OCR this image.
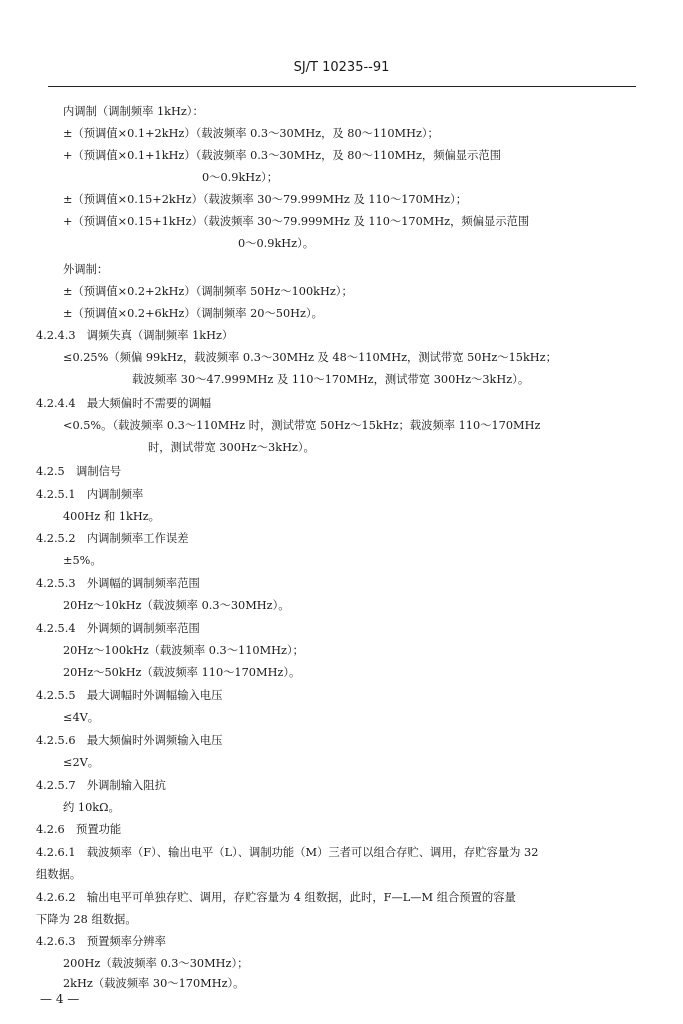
SJ/T 10235--91
内调制（调制频率 1kHz）：
±（预调值×0.1+2kHz）（载波频率 0.3～30MHz，及 80～110MHz）；
+（预调值×0.1+1kHz）（载波频率 0.3～30MHz，及 80～110MHz，频偏显示范围
0～0.9kHz）；
±（预调值×0.15+2kHz）（载波频率 30～79.999MHz 及 110～170MHz）；
+（预调值×0.15+1kHz）（载波频率 30～79.999MHz 及 110～170MHz，频偏显示范围
0～0.9kHz）。
外调制：
±（预调值×0.2+2kHz）（调制频率 50Hz～100kHz）；
±（预调值×0.2+6kHz）（调制频率 20～50Hz）。
4.2.4.3　调频失真（调制频率 1kHz）
≤0.25%（频偏 99kHz，载波频率 0.3～30MHz 及 48～110MHz，测试带宽 50Hz～15kHz；
载波频率 30～47.999MHz 及 110～170MHz，测试带宽 300Hz～3kHz）。
4.2.4.4　最大频偏时不需要的调幅
<0.5%。（载波频率 0.3～110MHz 时，测试带宽 50Hz～15kHz；载波频率 110～170MHz
时，测试带宽 300Hz～3kHz）。
4.2.5　调制信号
4.2.5.1　内调制频率
400Hz 和 1kHz。
4.2.5.2　内调制频率工作误差
±5%。
4.2.5.3　外调幅的调制频率范围
20Hz～10kHz（载波频率 0.3～30MHz）。
4.2.5.4　外调频的调制频率范围
20Hz～100kHz（载波频率 0.3～110MHz）；
20Hz～50kHz（载波频率 110～170MHz）。
4.2.5.5　最大调幅时外调幅输入电压
≤4V。
4.2.5.6　最大频偏时外调频输入电压
≤2V。
4.2.5.7　外调制输入阻抗
约 10kΩ。
4.2.6　预置功能
4.2.6.1　载波频率（F）、输出电平（L）、调制功能（M）三者可以组合存贮、调用，存贮容量为 32
组数据。
4.2.6.2　输出电平可单独存贮、调用，存贮容量为 4 组数据，此时，F—L—M 组合预置的容量
下降为 28 组数据。
4.2.6.3　预置频率分辨率
200Hz（载波频率 0.3～30MHz）；
2kHz（载波频率 30～170MHz）。
— 4 —
